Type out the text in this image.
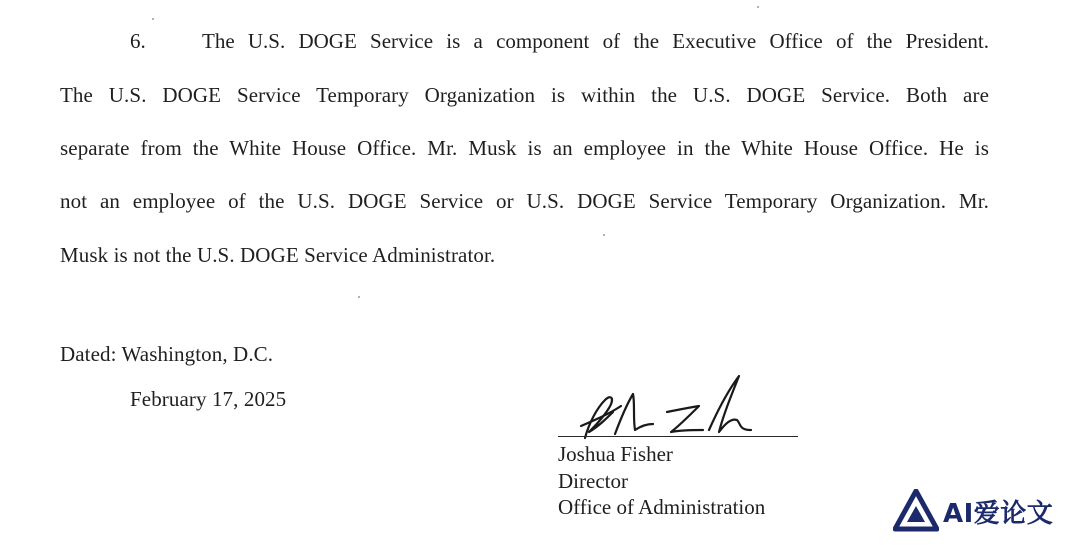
6.	The U.S. DOGE Service is a component of the Executive Office of the President.
The U.S. DOGE Service Temporary Organization is within the U.S. DOGE Service. Both are
separate from the White House Office. Mr. Musk is an employee in the White House Office. He is
not an employee of the U.S. DOGE Service or U.S. DOGE Service Temporary Organization. Mr.
Musk is not the U.S. DOGE Service Administrator.
Dated: Washington, D.C.
February 17, 2025
Joshua Fisher
Director
Office of Administration	AI爱论文
